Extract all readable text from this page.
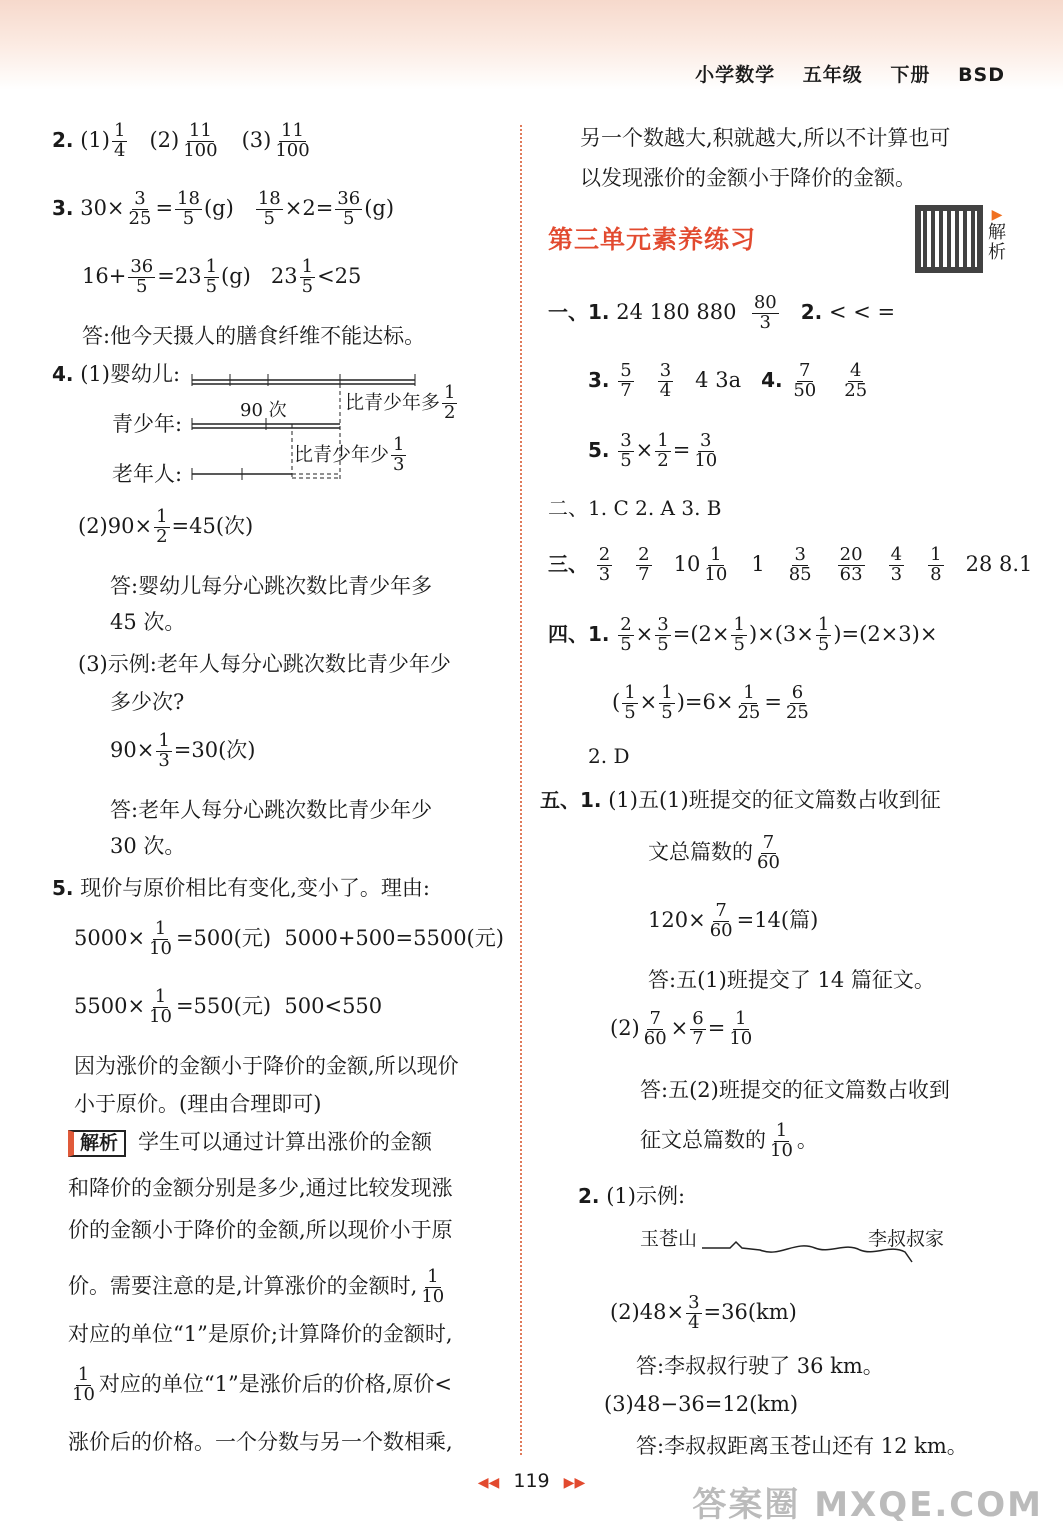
小学数学 五年级 下册 BSD
2. $(1) \frac{1}{4} (2) \frac{11}{100} (3) \frac{11}{100}$
3. $30\times \frac{3}{25} = \frac{18}{5} (g) \frac{18}{5} \times 2= \frac{36}{5} (g)$
$16+ \frac{36}{5} =23 \frac{1}{5} (g)$ $23 \frac{1}{5} <25$
答:他今天摄人的膳食纤维不能达标。
4. (1)婴幼儿:
90 次
青少年:
比青少年多 $\frac{1}{2}$
老年人:
比青少年少 $\frac{1}{3}$
$(2)90\times \frac{1}{2} =45$(次)
答:婴幼儿每分心跳次数比青少年多
45 次。
(3)示例:老年人每分心跳次数比青少年少
多少次?
$90\times \frac{1}{3} =30$(次)
答:老年人每分心跳次数比青少年少
30 次。
5. 现价与原价相比有变化,变小了。理由:
$5000\times \frac{1}{10} =500$(元) 5000+500=5500(元)
$5500\times \frac{1}{10} =550$(元) 500<550
因为涨价的金额小于降价的金额,所以现价
小于原价。(理由合理即可)
解析 学生可以通过计算出涨价的金额
和降价的金额分别是多少,通过比较发现涨
价的金额小于降价的金额,所以现价小于原
价。需要注意的是,计算涨价的金额时, $\frac{1}{10}$
对应的单位“1”是原价;计算降价的金额时,
$\frac{1}{10}$ 对应的单位“1”是涨价后的价格,原价<
涨价后的价格。一个分数与另一个数相乘,
另一个数越大,积就越大,所以不计算也可
以发现涨价的金额小于降价的金额。
第三单元素养练习
▶
解析
一、1. 24 180 $880 \frac{80}{3} 2$. < < =
3. $\frac{5}{7}$
$\frac{3}{4} 4$ 3a 4. $\frac{7}{50}$
$\frac{4}{25}$
5. $\frac{3}{5} \times \frac{1}{2} = \frac{3}{10}$
二、1. C 2. A 3. B
三、 $\frac{2}{3}$
$\frac{2}{7} 10 \frac{1}{10} 1 \frac{3}{85}$
$\frac{20}{63}$
$\frac{4}{3}$
$\frac{1}{8} 28$ 8.1
四、1. $\frac{2}{5} \times \frac{3}{5} =(2\times \frac{1}{5} )\times(3\times \frac{1}{5} )=(2\times 3)\times$
( $\frac{1}{5} \times \frac{1}{5} )=6\times \frac{1}{25} = \frac{6}{25}$
2. D
五、1. (1)五(1)班提交的征文篇数占收到征
文总篇数的 $\frac{7}{60}$
$120\times \frac{7}{60} =14$(篇)
答:五(1)班提交了 14 篇征文。
$(2) \frac{7}{60} \times \frac{6}{7} = \frac{1}{10}$
答:五(2)班提交的征文篇数占收到
征文总篇数的 $\frac{1}{10}$ 。
2. (1)示例:
玉苍山	李叔叔家
$(2)48\times \frac{3}{4} =36(km)$
答:李叔叔行驶了 36 km。
(3)48−36=12(km)
答:李叔叔距离玉苍山还有 12 km。
◀◀ 119 ▶▶
答案圈 MXQE.COM
